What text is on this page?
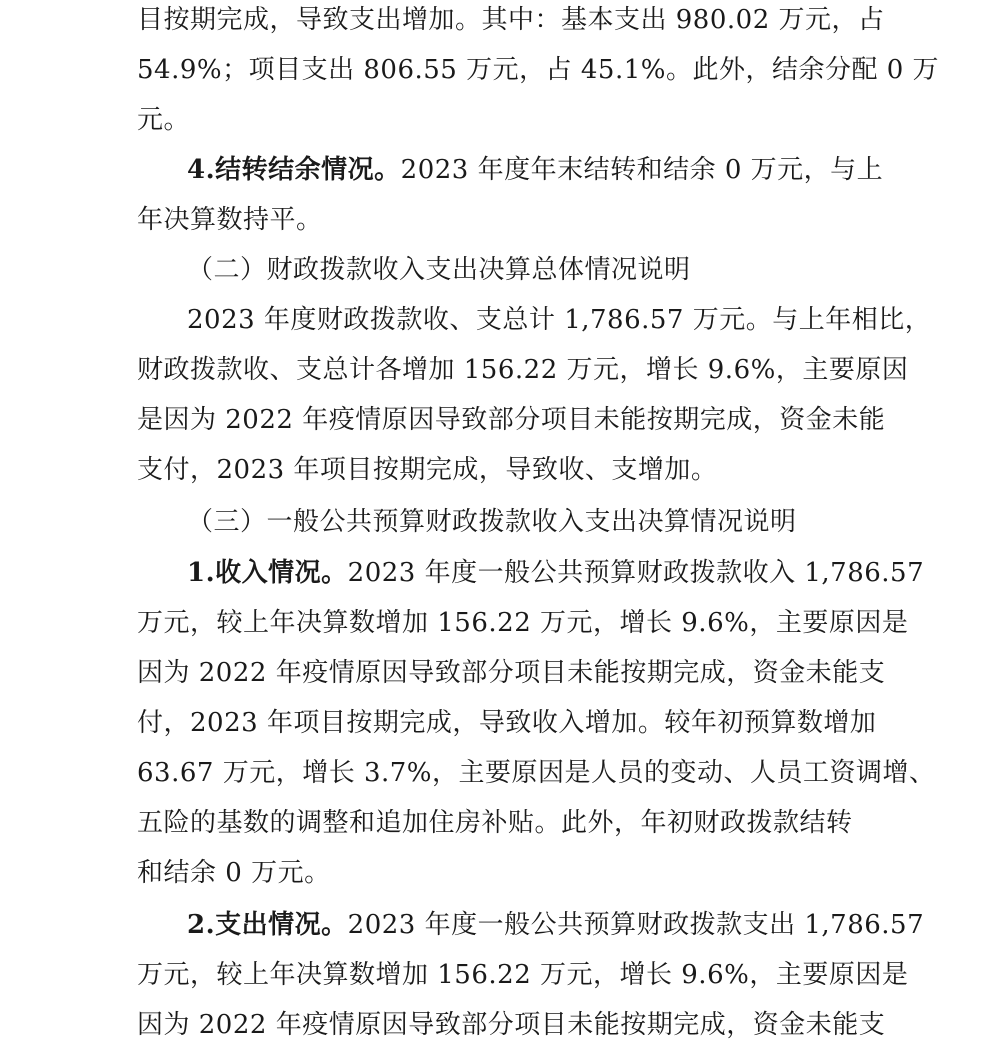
目按期完成，导致支出增加。其中：基本支出 980.02 万元，占
54.9%；项目支出 806.55 万元，占 45.1%。此外，结余分配 0 万
元。
4.结转结余情况。2023 年度年末结转和结余 0 万元，与上
年决算数持平。
（二）财政拨款收入支出决算总体情况说明
2023 年度财政拨款收、支总计 1,786.57 万元。与上年相比，
财政拨款收、支总计各增加 156.22 万元，增长 9.6%，主要原因
是因为 2022 年疫情原因导致部分项目未能按期完成，资金未能
支付，2023 年项目按期完成，导致收、支增加。
（三）一般公共预算财政拨款收入支出决算情况说明
1.收入情况。2023 年度一般公共预算财政拨款收入 1,786.57
万元，较上年决算数增加 156.22 万元，增长 9.6%，主要原因是
因为 2022 年疫情原因导致部分项目未能按期完成，资金未能支
付，2023 年项目按期完成，导致收入增加。较年初预算数增加
63.67 万元，增长 3.7%，主要原因是人员的变动、人员工资调增、
五险的基数的调整和追加住房补贴。此外，年初财政拨款结转
和结余 0 万元。
2.支出情况。2023 年度一般公共预算财政拨款支出 1,786.57
万元，较上年决算数增加 156.22 万元，增长 9.6%，主要原因是
因为 2022 年疫情原因导致部分项目未能按期完成，资金未能支
